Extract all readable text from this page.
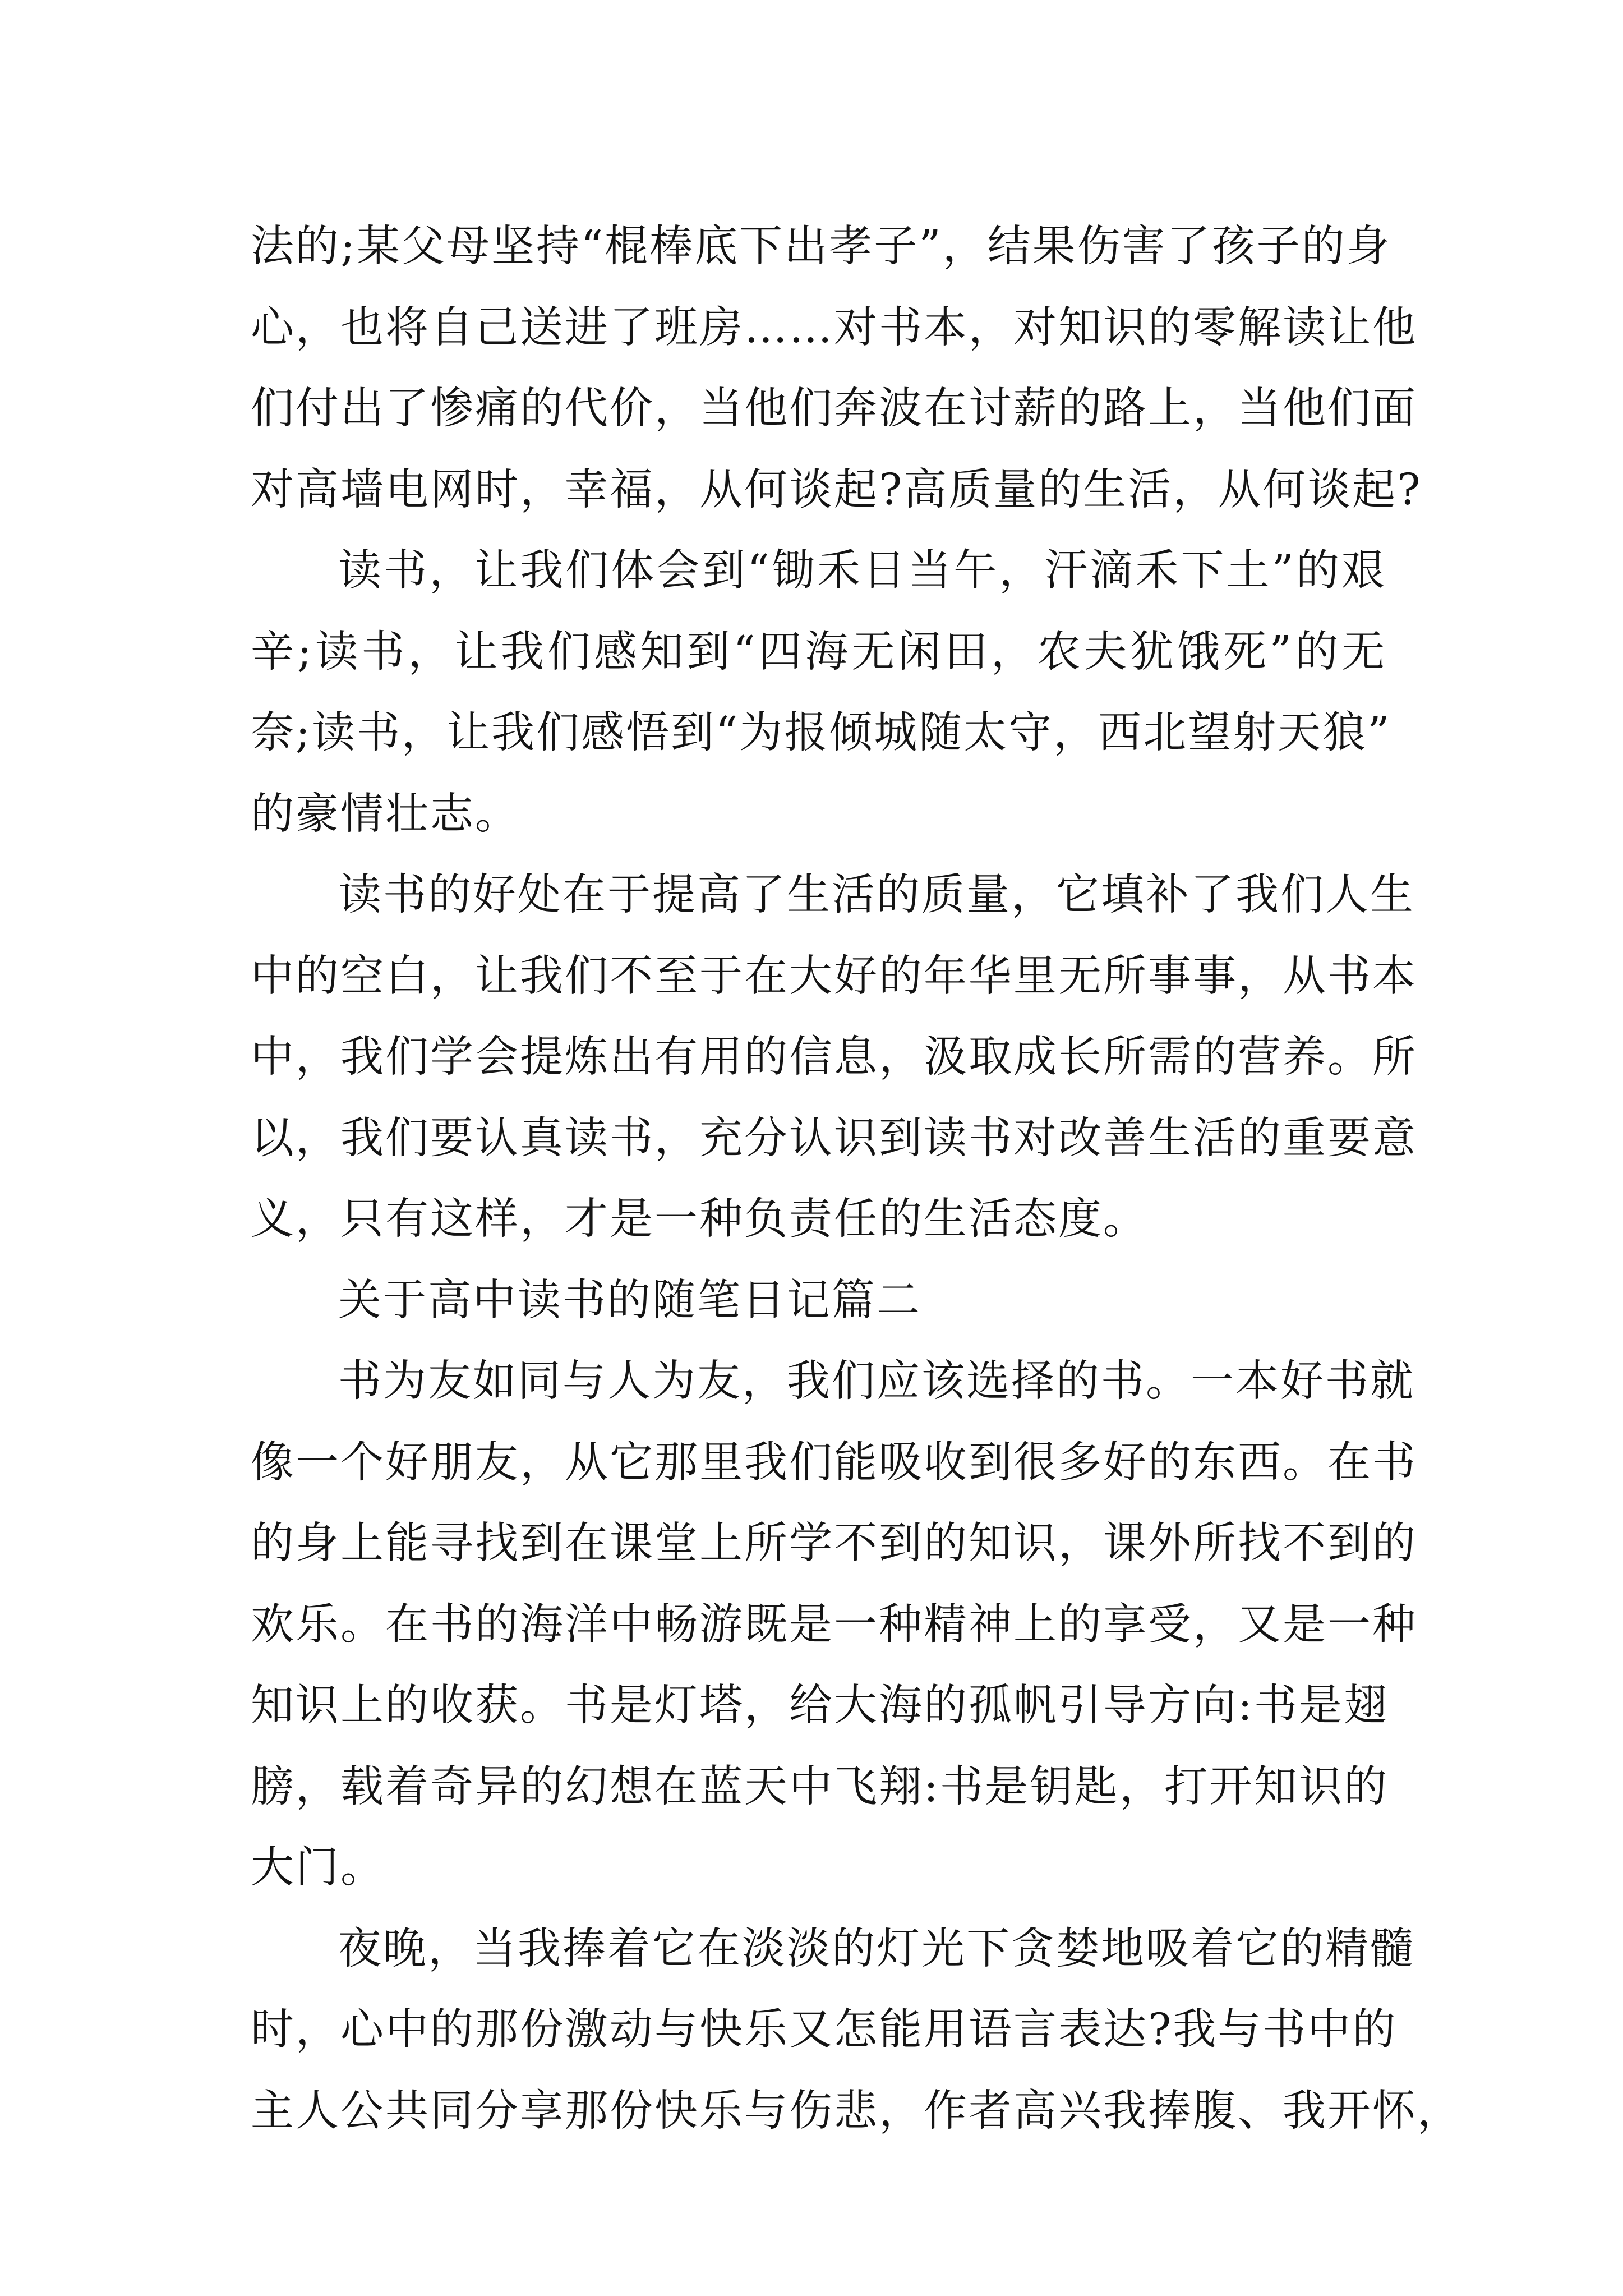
法的;某父母坚持“棍棒底下出孝子”，结果伤害了孩子的身
心，也将自己送进了班房……对书本，对知识的零解读让他
们付出了惨痛的代价，当他们奔波在讨薪的路上，当他们面
对高墙电网时，幸福，从何谈起?高质量的生活，从何谈起?
读书，让我们体会到“锄禾日当午，汗滴禾下土”的艰
辛;读书，让我们感知到“四海无闲田，农夫犹饿死”的无
奈;读书，让我们感悟到“为报倾城随太守，西北望射天狼”
的豪情壮志。
读书的好处在于提高了生活的质量，它填补了我们人生
中的空白，让我们不至于在大好的年华里无所事事，从书本
中，我们学会提炼出有用的信息，汲取成长所需的营养。所
以，我们要认真读书，充分认识到读书对改善生活的重要意
义，只有这样，才是一种负责任的生活态度。
关于高中读书的随笔日记篇二
书为友如同与人为友，我们应该选择的书。一本好书就
像一个好朋友，从它那里我们能吸收到很多好的东西。在书
的身上能寻找到在课堂上所学不到的知识，课外所找不到的
欢乐。在书的海洋中畅游既是一种精神上的享受，又是一种
知识上的收获。书是灯塔，给大海的孤帆引导方向:书是翅
膀，载着奇异的幻想在蓝天中飞翔:书是钥匙，打开知识的
大门。
夜晚，当我捧着它在淡淡的灯光下贪婪地吸着它的精髓
时，心中的那份激动与快乐又怎能用语言表达?我与书中的
主人公共同分享那份快乐与伤悲，作者高兴我捧腹、我开怀，
